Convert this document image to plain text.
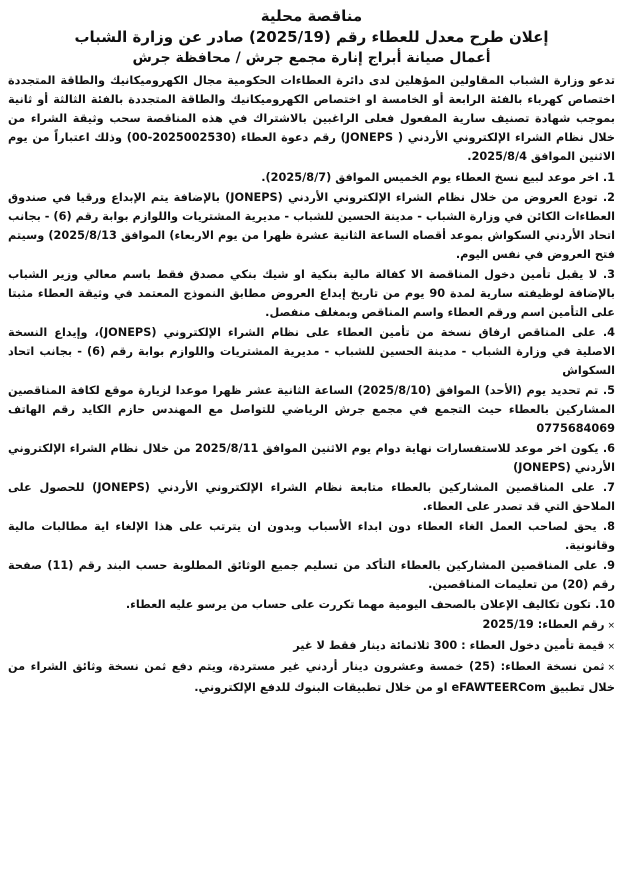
مناقصة محلية
إعلان طرح معدل للعطاء رقم (2025/19) صادر عن وزارة الشباب
أعمال صيانة أبراج إنارة مجمع جرش / محافظة جرش

تدعو وزارة الشباب المقاولين المؤهلين لدى دائرة العطاءات الحكومية مجال الكهروميكانيك والطاقة المتجددة اختصاص كهرباء بالفئة الرابعة أو الخامسة او اختصاص الكهروميكانيك والطاقة المتجددة بالفئة الثالثة أو ثانية بموجب شهادة تصنيف سارية المفعول فعلى الراغبين بالاشتراك في هذه المناقصة سحب وثيقة الشراء من خلال نظام الشراء الإلكتروني الأردني ( JONEPS) رقم دعوة العطاء (2025002530-00) وذلك اعتباراً من يوم الاثنين الموافق 2025/8/4.

1. اخر موعد لبيع نسخ العطاء يوم الخميس الموافق (2025/8/7).
2. تودع العروض من خلال نظام الشراء الإلكتروني الأردني (JONEPS) بالإضافة يتم الإبداع ورقيا في صندوق العطاءات الكائن في وزارة الشباب - مدينة الحسين للشباب - مديرية المشتريات واللوازم بوابة رقم (6) - بجانب اتحاد الأردني السكواش بموعد أقصاه الساعة الثانية عشرة ظهرا من يوم الاربعاء) الموافق 2025/8/13) وسيتم فتح العروض في نفس اليوم.
3. لا يقبل تأمين دخول المناقصة الا كفالة مالية بنكية او شيك بنكي مصدق فقط باسم معالي وزير الشباب بالإضافة لوظيفته سارية لمدة 90 يوم من تاريخ إبداع العروض مطابق النموذج المعتمد في وثيقة العطاء مثبتا على التأمين اسم ورقم العطاء واسم المناقص وبمغلف منفصل.
4. على المناقص ارفاق نسخة من تأمين العطاء على نظام الشراء الإلكتروني (JONEPS)، وإيداع النسخة الاصلية في وزارة الشباب - مدينة الحسين للشباب - مديرية المشتريات واللوازم بوابة رقم (6) - بجانب اتحاد السكواش
5. تم تحديد يوم (الأحد) الموافق (2025/8/10) الساعة الثانية عشر ظهرا موعدا لزيارة موقع لكافة المناقصين المشاركين بالعطاء حيث التجمع في مجمع جرش الرياضي للتواصل مع المهندس حازم الكايد رقم الهاتف 0775684069
6. يكون اخر موعد للاستفسارات نهاية دوام يوم الاثنين الموافق 2025/8/11 من خلال نظام الشراء الإلكتروني الأردني (JONEPS)
7. على المناقصين المشاركين بالعطاء متابعة نظام الشراء الإلكتروني الأردني (JONEPS) للحصول على الملاحق التي قد تصدر على العطاء.
8. يحق لصاحب العمل الغاء العطاء دون ابداء الأسباب وبدون ان يترتب على هذا الإلغاء اية مطالبات مالية وقانونية.
9. على المناقصين المشاركين بالعطاء التأكد من تسليم جميع الوثائق المطلوبة حسب البند رقم (11) صفحة رقم (20) من تعليمات المناقصين.
10. تكون تكاليف الإعلان بالصحف اليومية مهما تكررت على حساب من يرسو عليه العطاء.

×رقم العطاء: 2025/19

×قيمة تأمين دخول العطاء : 300 ثلاثمائة دينار فقط لا غير

×ثمن نسخة العطاء: (25) خمسة وعشرون دينار أردني غير مستردة، ويتم دفع ثمن نسخة وثائق الشراء من خلال تطبيق eFAWTEERCom او من خلال تطبيقات البنوك للدفع الإلكتروني.
